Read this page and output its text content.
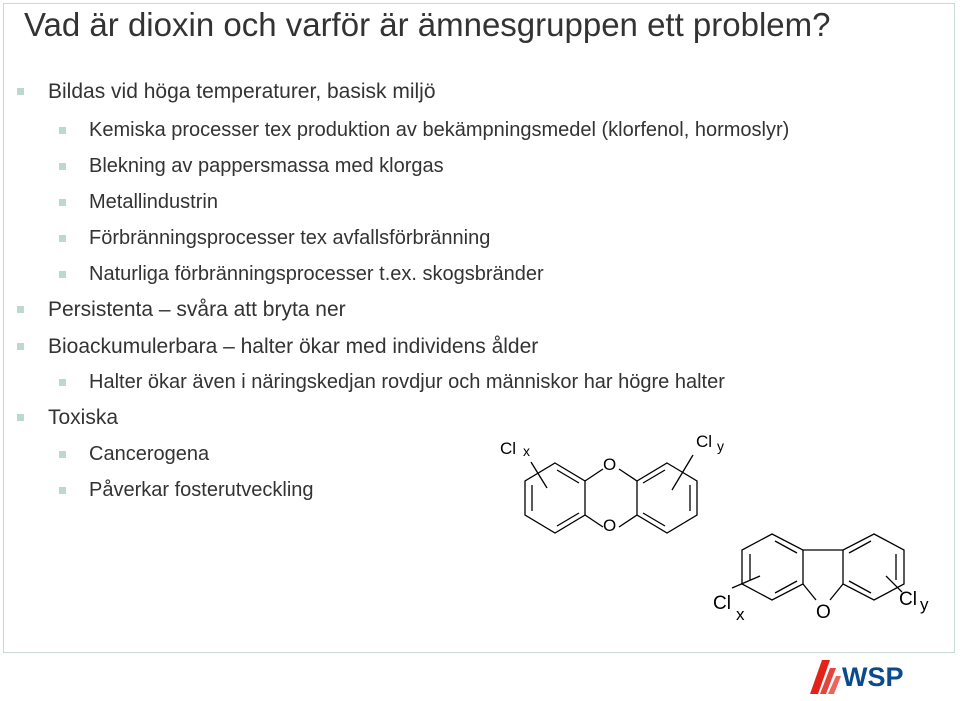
Vad är dioxin och varför är ämnesgruppen ett problem?
Bildas vid höga temperaturer, basisk miljö
Kemiska processer tex produktion av bekämpningsmedel (klorfenol, hormoslyr)
Blekning av pappersmassa med klorgas
Metallindustrin
Förbränningsprocesser tex avfallsförbränning
Naturliga förbränningsprocesser t.ex. skogsbränder
Persistenta – svåra att bryta ner
Bioackumulerbara – halter ökar med individens ålder
Halter ökar även i näringskedjan rovdjur och människor har högre halter
Toxiska
Cancerogena
Påverkar fosterutveckling
Cl x
O
O
Cl y
Cl
x	O
Cl y
WSP
